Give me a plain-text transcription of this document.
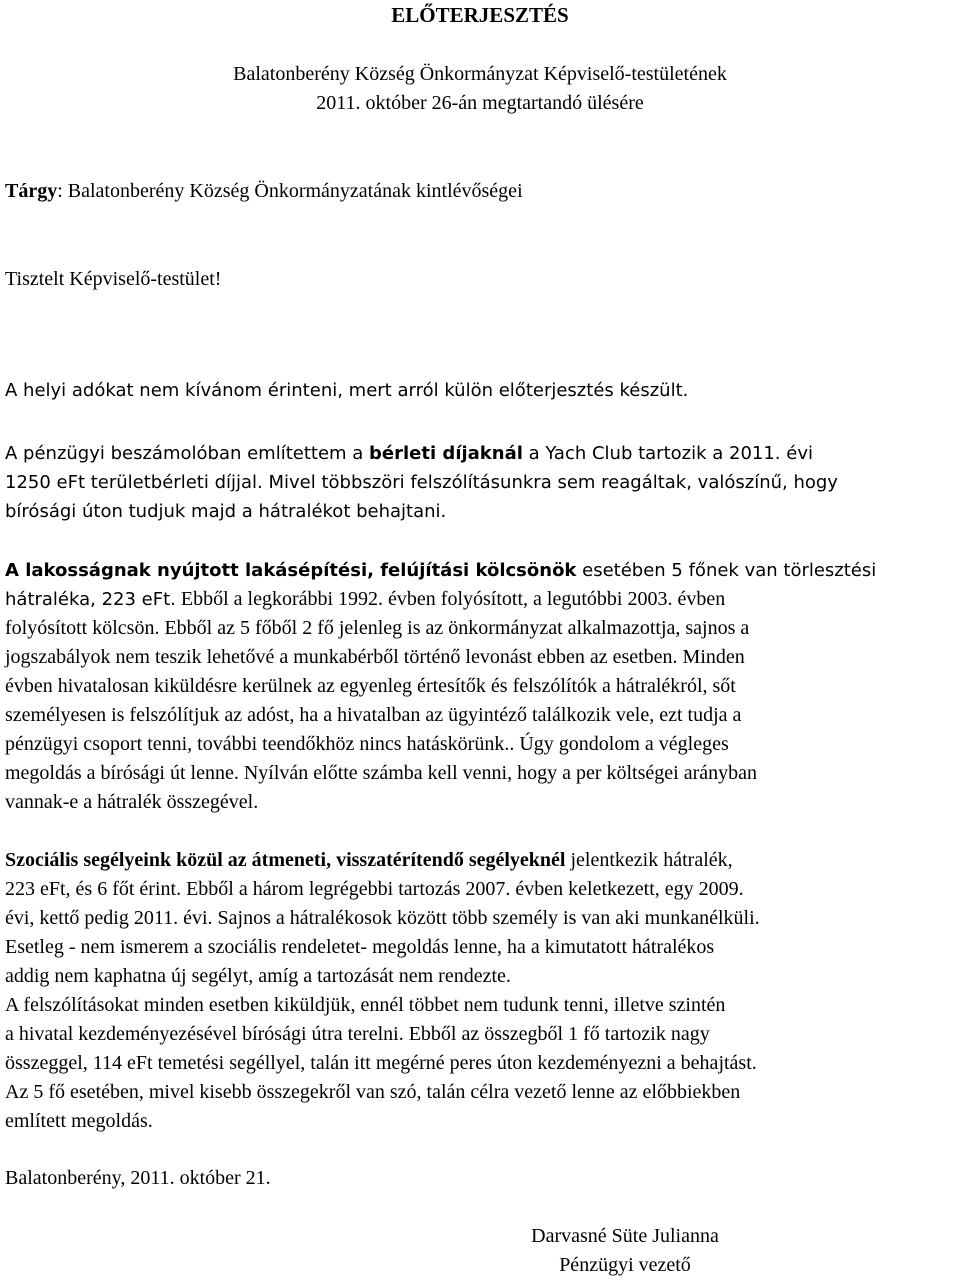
ELŐTERJESZTÉS
Balatonberény Község Önkormányzat Képviselő-testületének
2011. október 26-án megtartandó ülésére
Tárgy: Balatonberény Község Önkormányzatának kintlévőségei
Tisztelt Képviselő-testület!
A helyi adókat nem kívánom érinteni, mert arról külön előterjesztés készült.
A pénzügyi beszámolóban említettem a bérleti díjaknál a Yach Club tartozik a 2011. évi
1250 eFt területbérleti díjjal. Mivel többszöri felszólításunkra sem reagáltak, valószínű, hogy
bírósági úton tudjuk majd a hátralékot behajtani.
A lakosságnak nyújtott lakásépítési, felújítási kölcsönök esetében 5 főnek van törlesztési
hátraléka, 223 eFt. Ebből a legkorábbi 1992. évben folyósított, a legutóbbi 2003. évben
folyósított kölcsön. Ebből az 5 főből 2 fő jelenleg is az önkormányzat alkalmazottja, sajnos a
jogszabályok nem teszik lehetővé a munkabérből történő levonást ebben az esetben. Minden
évben hivatalosan kiküldésre kerülnek az egyenleg értesítők és felszólítók a hátralékról, sőt
személyesen is felszólítjuk az adóst, ha a hivatalban az ügyintéző találkozik vele, ezt tudja a
pénzügyi csoport tenni, további teendőkhöz nincs hatáskörünk.. Úgy gondolom a végleges
megoldás a bírósági út lenne. Nyílván előtte számba kell venni, hogy a per költségei arányban
vannak-e a hátralék összegével.
Szociális segélyeink közül az átmeneti, visszatérítendő segélyeknél jelentkezik hátralék,
223 eFt, és 6 főt érint. Ebből a három legrégebbi tartozás 2007. évben keletkezett, egy 2009.
évi, kettő pedig 2011. évi. Sajnos a hátralékosok között több személy is van aki munkanélküli.
Esetleg - nem ismerem a szociális rendeletet- megoldás lenne, ha a kimutatott hátralékos
addig nem kaphatna új segélyt, amíg a tartozását nem rendezte.
A felszólításokat minden esetben kiküldjük, ennél többet nem tudunk tenni, illetve szintén
a hivatal kezdeményezésével bírósági útra terelni. Ebből az összegből 1 fő tartozik nagy
összeggel, 114 eFt temetési segéllyel, talán itt megérné peres úton kezdeményezni a behajtást.
Az 5 fő esetében, mivel kisebb összegekről van szó, talán célra vezető lenne az előbbiekben
említett megoldás.
Balatonberény, 2011. október 21.
Darvasné Süte Julianna
Pénzügyi vezető
